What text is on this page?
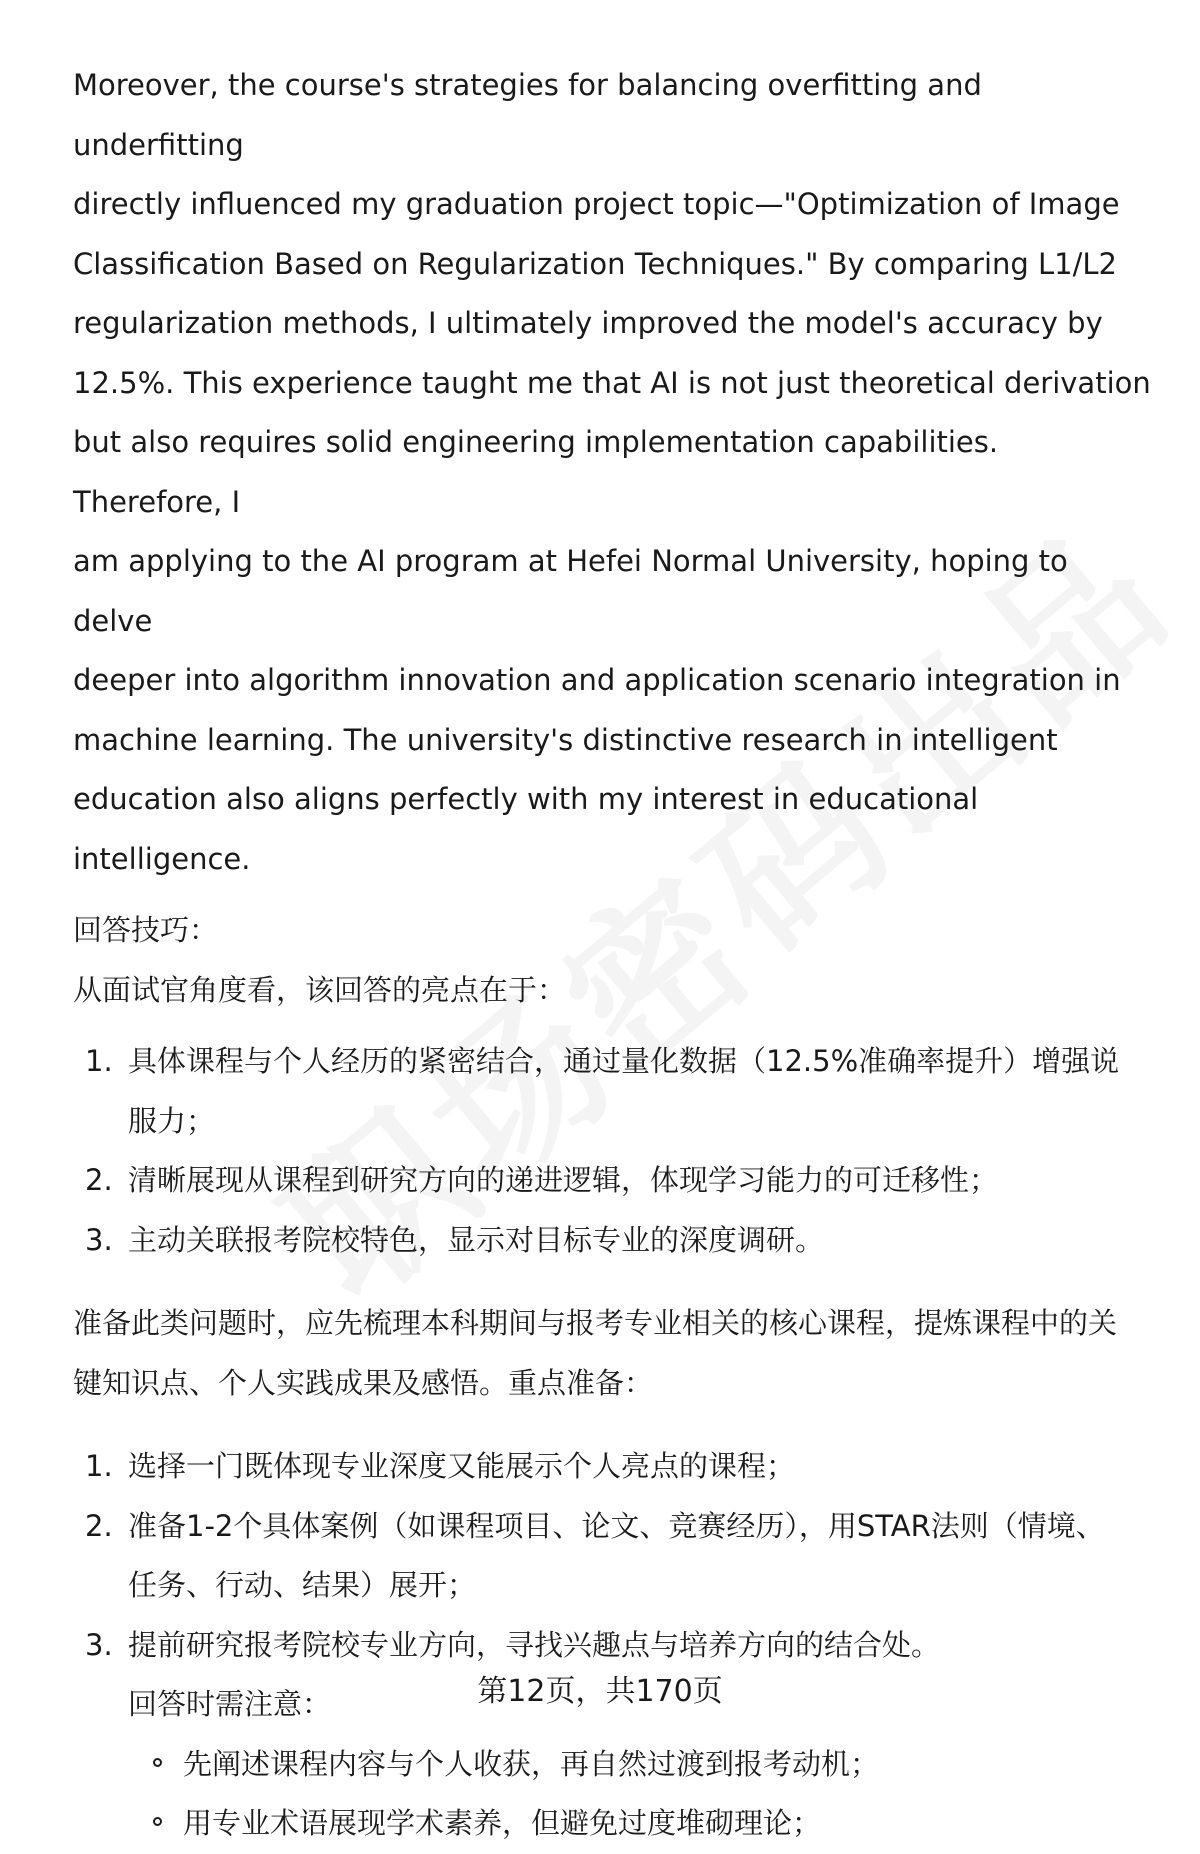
Moreover, the course's strategies for balancing overfitting and underfitting
directly influenced my graduation project topic—"Optimization of Image
Classification Based on Regularization Techniques." By comparing L1/L2
regularization methods, I ultimately improved the model's accuracy by
12.5%. This experience taught me that AI is not just theoretical derivation
but also requires solid engineering implementation capabilities. Therefore, I
am applying to the AI program at Hefei Normal University, hoping to delve
deeper into algorithm innovation and application scenario integration in
machine learning. The university's distinctive research in intelligent
education also aligns perfectly with my interest in educational intelligence.
回答技巧：
从面试官角度看，该回答的亮点在于：
1. 具体课程与个人经历的紧密结合，通过量化数据（12.5%准确率提升）增强说
服力；
2. 清晰展现从课程到研究方向的递进逻辑，体现学习能力的可迁移性；
3. 主动关联报考院校特色，显示对目标专业的深度调研。
准备此类问题时，应先梳理本科期间与报考专业相关的核心课程，提炼课程中的关
键知识点、个人实践成果及感悟。重点准备：
1. 选择一门既体现专业深度又能展示个人亮点的课程；
2. 准备1-2个具体案例（如课程项目、论文、竞赛经历），用STAR法则（情境、
任务、行动、结果）展开；
3. 提前研究报考院校专业方向，寻找兴趣点与培养方向的结合处。
回答时需注意：
先阐述课程内容与个人收获，再自然过渡到报考动机；
用专业术语展现学术素养，但避免过度堆砌理论；
第12页，共170页
